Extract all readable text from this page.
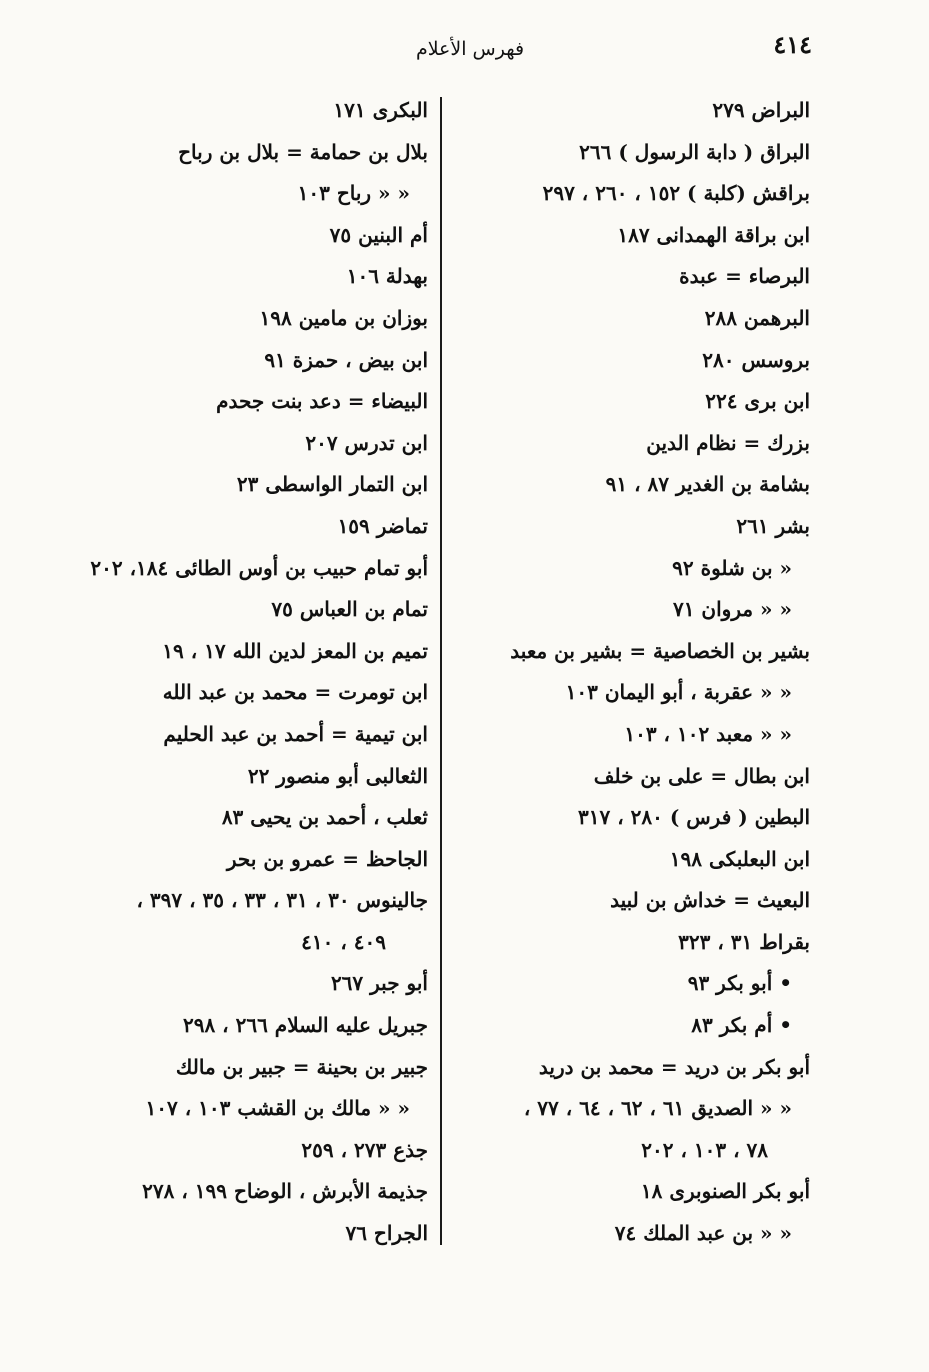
٤١٤
فهرس الأعلام
البراض ٢٧٩
البراق ( دابة الرسول ) ٢٦٦
براقش (كلبة ) ١٥٢ ، ٢٦٠ ، ٢٩٧
ابن براقة الهمدانى ١٨٧
البرصاء = عبدة
البرهمن ٢٨٨
بروسس ٢٨٠
ابن برى ٢٢٤
بزرك = نظام الدين
بشامة بن الغدير ٨٧ ، ٩١
بشر ٢٦١
« بن شلوة ٩٢
« « مروان ٧١
بشير بن الخصاصية = بشير بن معبد
« « عقربة ، أبو اليمان ١٠٣
« « معبد ١٠٢ ، ١٠٣
ابن بطال = على بن خلف
البطين ( فرس ) ٢٨٠ ، ٣١٧
ابن البعلبكى ١٩٨
البعيث = خداش بن لبيد
بقراط ٣١ ، ٣٢٣
• أبو بكر ٩٣
• أم بكر ٨٣
أبو بكر بن دريد = محمد بن دريد
« « الصديق ٦١ ، ٦٢ ، ٦٤ ، ٧٧ ،
٧٨ ، ١٠٣ ، ٢٠٢
أبو بكر الصنوبرى ١٨
« « بن عبد الملك ٧٤
البكرى ١٧١
بلال بن حمامة = بلال بن رباح
« « رباح ١٠٣
أم البنين ٧٥
بهدلة ١٠٦
بوزان بن مامين ١٩٨
ابن بيض ، حمزة ٩١
البيضاء = دعد بنت جحدم
ابن تدرس ٢٠٧
ابن التمار الواسطى ٢٣
تماضر ١٥٩
أبو تمام حبيب بن أوس الطائى ١٨٤، ٢٠٢
تمام بن العباس ٧٥
تميم بن المعز لدين الله ١٧ ، ١٩
ابن تومرت = محمد بن عبد الله
ابن تيمية = أحمد بن عبد الحليم
الثعالبى أبو منصور ٢٢
ثعلب ، أحمد بن يحيى ٨٣
الجاحظ = عمرو بن بحر
جالينوس ٣٠ ، ٣١ ، ٣٣ ، ٣٥ ، ٣٩٧ ،
٤٠٩ ، ٤١٠
أبو جبر ٢٦٧
جبريل عليه السلام ٢٦٦ ، ٢٩٨
جبير بن بحينة = جبير بن مالك
« « مالك بن القشب ١٠٣ ، ١٠٧
جذع ٢٧٣ ، ٢٥٩
جذيمة الأبرش ، الوضاح ١٩٩ ، ٢٧٨
الجراح ٧٦
